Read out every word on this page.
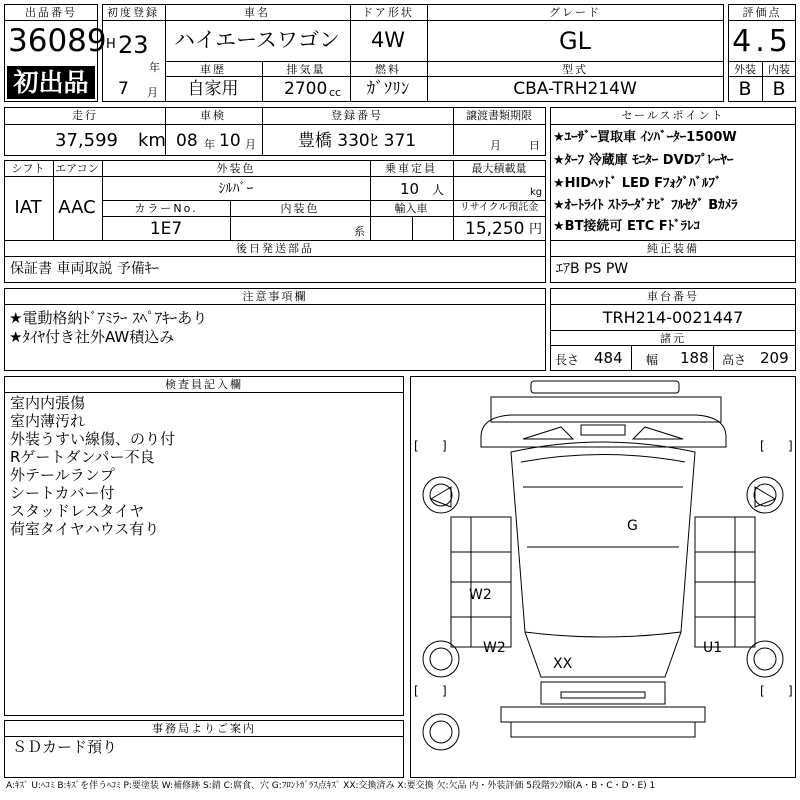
出品番号
36089
初出品
初度登録
H 23
年
7 月
車名
ハイエースワゴン
ドア形状
4W
グレード
GL
車歴
自家用
排気量
2700 cc
燃料
ｶﾞｿﾘﾝ
型式
CBA-TRH214W
評価点
4.5
外装 内装
B B
走行
37,599 km
車検
08 年 10 月
登録番号
豊橋 330ﾋ 371
譲渡書類期限
月	日
シフト
IAT
エアコン
AAC
外装色
ｼﾙﾊﾞｰ
乗車定員
10 人
最大積載量
kg
カラーNo.
1E7
内装色
系
輸入車	リサイクル預託金
15,250 円
後日発送部品
保証書 車両取説 予備ｷｰ
セールスポイント
★ﾕｰｻﾞｰ買取車 ｲﾝﾊﾞｰﾀｰ1500W
★ﾀｰﾌ 冷蔵庫 ﾓﾆﾀｰ DVDﾌﾟﾚｰﾔｰ
★HIDﾍｯﾄﾞ LED Fﾌｫｸﾞﾊﾞﾙﾌﾞ
★ｵｰﾄﾗｲﾄ ｽﾄﾗｰﾀﾞﾅﾋﾞ ﾌﾙｾｸﾞ Bｶﾒﾗ
★BT接続可 ETC Fﾄﾞﾗﾚｺ
純正装備
ｴｱB PS PW
注意事項欄
★電動格納ﾄﾞｱﾐﾗｰ ｽﾍﾟｱｷｰあり
★ﾀｲﾔ付き社外AW積込み
車台番号
TRH214-0021447
諸元
長さ 484 幅 188 高さ 209
検査員記入欄
室内内張傷
室内薄汚れ
外装うすい線傷、のり付
Rゲートダンパー不良
外テールランプ
シートカバー付
スタッドレスタイヤ
荷室タイヤハウス有り
事務局よりご案内
ＳＤカード預り
[ ]	[ ]
[ ]	[ ]
G
W2
W2
XX
U1
A:ｷｽﾞ U:ﾍｺﾐ B:ｷｽﾞを伴うﾍｺﾐ P:要塗装 W:補修跡 S:錆 C:腐食、穴 G:ﾌﾛﾝﾄｶﾞﾗｽ点ｷｽﾞ XX:交換済み X:要交換 欠:欠品 内・外装評価 5段階ﾗﾝｸ順(A・B・C・D・E) 1
